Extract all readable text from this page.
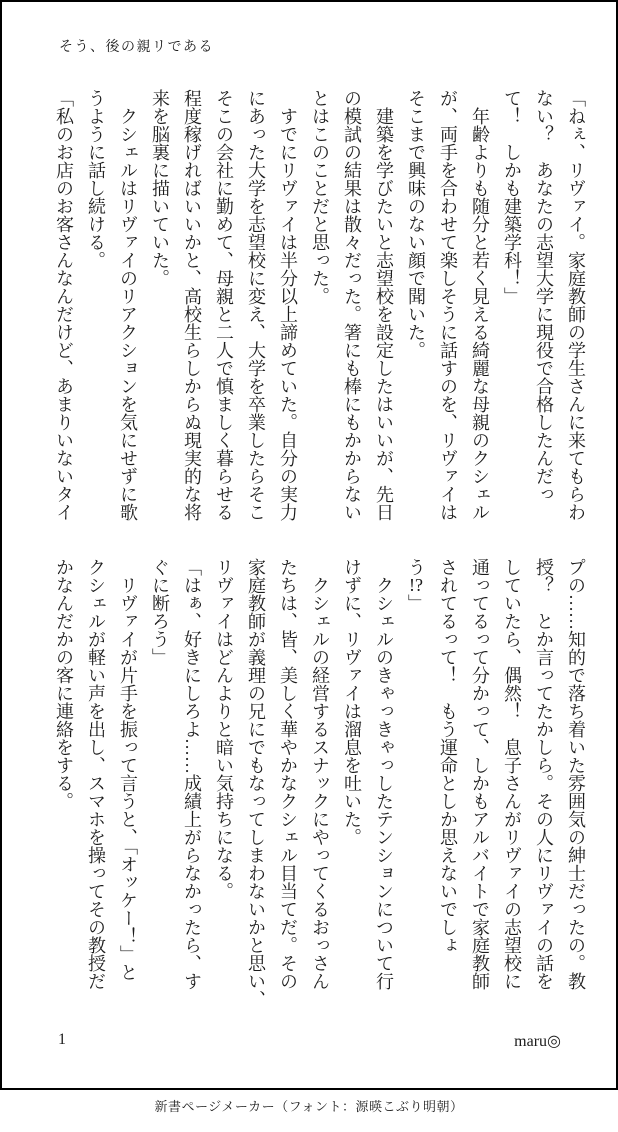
そう、後の親リである
「ねぇ、リヴァイ。家庭教師の学生さんに来てもらわ
ない？　あなたの志望大学に現役で合格したんだっ
て！　しかも建築学科！」
　年齢よりも随分と若く見える綺麗な母親のクシェル
が、両手を合わせて楽しそうに話すのを、リヴァイは
そこまで興味のない顔で聞いた。
　建築を学びたいと志望校を設定したはいいが、先日
の模試の結果は散々だった。箸にも棒にもかからない
とはこのことだと思った。
　すでにリヴァイは半分以上諦めていた。自分の実力
にあった大学を志望校に変え、大学を卒業したらそこ
そこの会社に勤めて、母親と二人で慎ましく暮らせる
程度稼げればいいかと、高校生らしからぬ現実的な将
来を脳裏に描いていた。
　クシェルはリヴァイのリアクションを気にせずに歌
うように話し続ける。
「私のお店のお客さんなんだけど、あまりいないタイ
プの……知的で落ち着いた雰囲気の紳士だったの。教
授？　とか言ってたかしら。その人にリヴァイの話を
していたら、偶然！　息子さんがリヴァイの志望校に
通ってるって分かって、しかもアルバイトで家庭教師
されてるって！　もう運命としか思えないでしょ
う!?」
　クシェルのきゃっきゃっしたテンションについて行
けずに、リヴァイは溜息を吐いた。
　クシェルの経営するスナックにやってくるおっさん
たちは、皆、美しく華やかなクシェル目当てだ。その
家庭教師が義理の兄にでもなってしまわないかと思い、
リヴァイはどんよりと暗い気持ちになる。
「はぁ、好きにしろよ……成績上がらなかったら、す
ぐに断ろう」
　リヴァイが片手を振って言うと、「オッケー！」と
クシェルが軽い声を出し、スマホを操ってその教授だ
かなんだかの客に連絡をする。
1	maru◎
新書ページメーカー（フォント：源暎こぶり明朝）
